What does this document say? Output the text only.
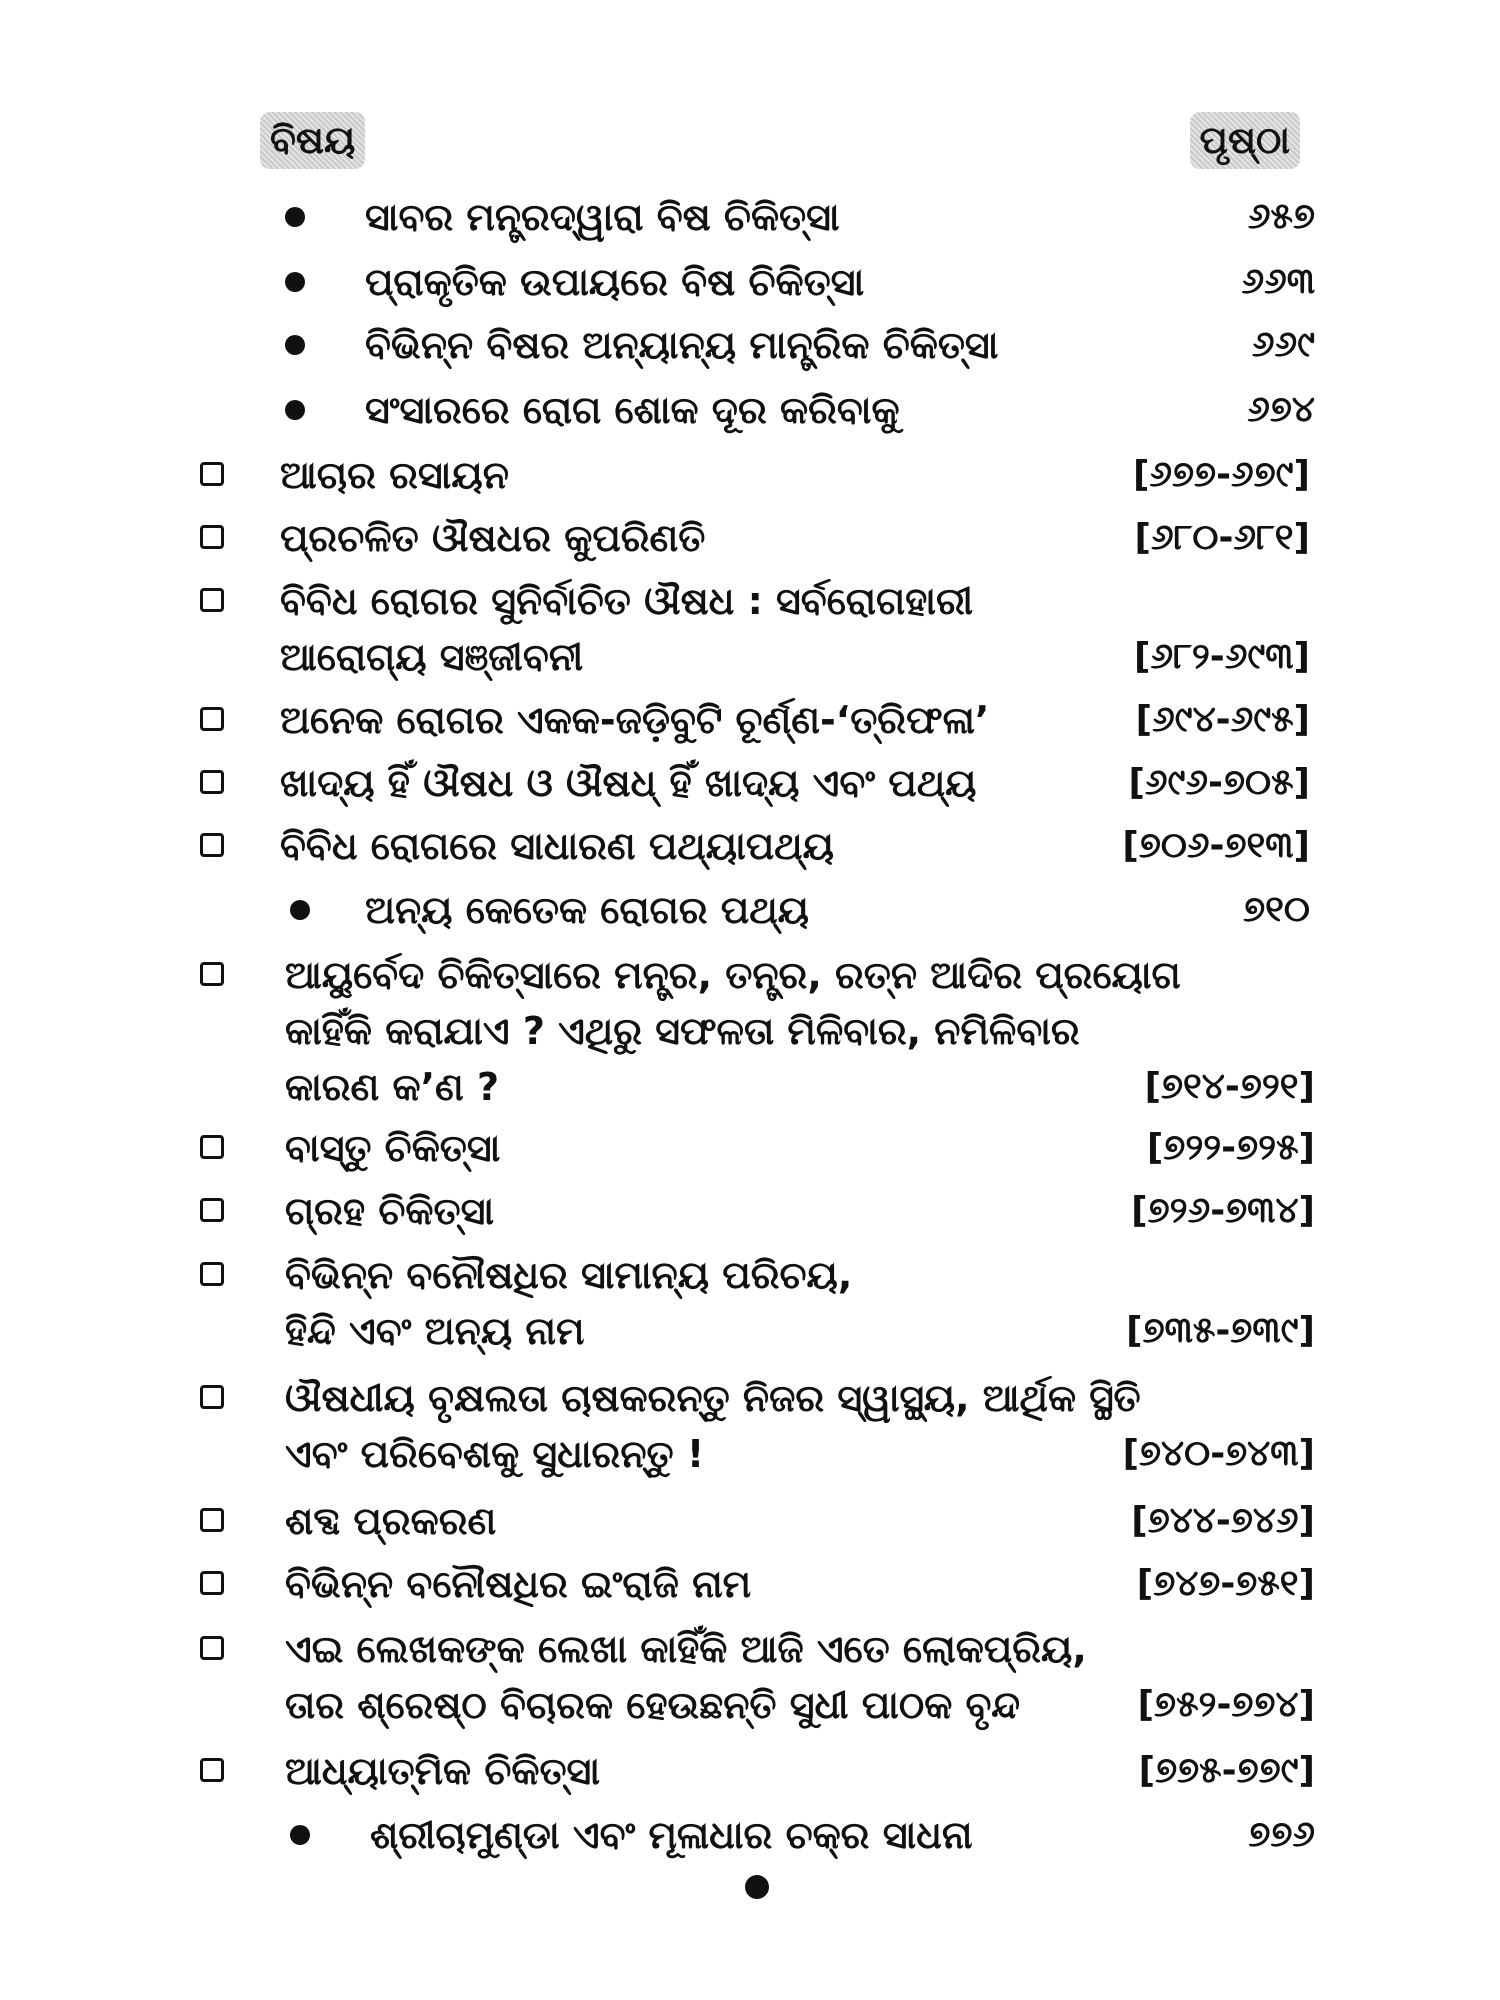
ବିଷୟ	ପୃଷ୍ଠା
ସାବର ମନ୍ତ୍ରଦ୍ୱାରା ବିଷ ଚିକିତ୍ସା	୬୫୭
ପ୍ରାକୃତିକ ଉପାୟରେ ବିଷ ଚିକିତ୍ସା	୬୬୩
ବିଭିନ୍ନ ବିଷର ଅନ୍ୟାନ୍ୟ ମାନ୍ତ୍ରିକ ଚିକିତ୍ସା	୬୬୯
ସଂସାରରେ ରୋଗ ଶୋକ ଦୂର କରିବାକୁ	୬୭୪
ଆଚାର ରସାୟନ	[୬୭୭-୬୭୯]
ପ୍ରଚଳିତ ଔଷଧର କୁପରିଣତି	[୬୮୦-୬୮୧]
ବିବିଧ ରୋଗର ସୁନିର୍ବାଚିତ ଔଷଧ : ସର୍ବରୋଗହାରୀ
ଆରୋଗ୍ୟ ସଞ୍ଜୀବନୀ	[୬୮୨-୬୯୩]
ଅନେକ ରୋଗର ଏକକ-ଜଡ଼ିବୁଟି ଚୂର୍ଣ୍ଣ-‘ତ୍ରିଫଳା’	[୬୯୪-୬୯୫]
ଖାଦ୍ୟ ହିଁ ଔଷଧ ଓ ଔଷଧ୍ ହିଁ ଖାଦ୍ୟ ଏବଂ ପଥ୍ୟ	[୬୯୬-୭୦୫]
ବିବିଧ ରୋଗରେ ସାଧାରଣ ପଥ୍ୟାପଥ୍ୟ	[୭୦୬-୭୧୩]
ଅନ୍ୟ କେତେକ ରୋଗର ପଥ୍ୟ	୭୧୦
ଆୟୁର୍ବେଦ ଚିକିତ୍ସାରେ ମନ୍ତ୍ର, ତନ୍ତ୍ର, ରତ୍ନ ଆଦିର ପ୍ରୟୋଗ
କାହିଁକି କରାଯାଏ ? ଏଥିରୁ ସଫଳତା ମିଳିବାର, ନମିଳିବାର
କାରଣ କ’ଣ ?	[୭୧୪-୭୨୧]
ବାସ୍ତୁ ଚିକିତ୍ସା	[୭୨୨-୭୨୫]
ଗ୍ରହ ଚିକିତ୍ସା	[୭୨୬-୭୩୪]
ବିଭିନ୍ନ ବନୌଷଧିର ସାମାନ୍ୟ ପରିଚୟ,
ହିନ୍ଦି ଏବଂ ଅନ୍ୟ ନାମ	[୭୩୫-୭୩୯]
ଔଷଧୀୟ ବୃକ୍ଷଲତା ଚାଷକରନ୍ତୁ ନିଜର ସ୍ୱାସ୍ଥ୍ୟ, ଆର୍ଥିକ ସ୍ଥିତି
ଏବଂ ପରିବେଶକୁ ସୁଧାରନ୍ତୁ !	[୭୪୦-୭୪୩]
ଶବ୍ଦ ପ୍ରକରଣ	[୭୪୪-୭୪୬]
ବିଭିନ୍ନ ବନୌଷଧିର ଇଂରାଜି ନାମ	[୭୪୭-୭୫୧]
ଏଇ ଲେଖକଙ୍କ ଲେଖା କାହିଁକି ଆଜି ଏତେ ଲୋକପ୍ରିୟ,
ତାର ଶ୍ରେଷ୍ଠ ବିଚାରକ ହେଉଛନ୍ତି ସୁଧୀ ପାଠକ ବୃନ୍ଦ	[୭୫୨-୭୭୪]
ଆଧ୍ୟାତ୍ମିକ ଚିକିତ୍ସା	[୭୭୫-୭୭୯]
ଶ୍ରୀଚାମୁଣ୍ଡା ଏବଂ ମୂଳାଧାର ଚକ୍ର ସାଧନା	୭୭୬
